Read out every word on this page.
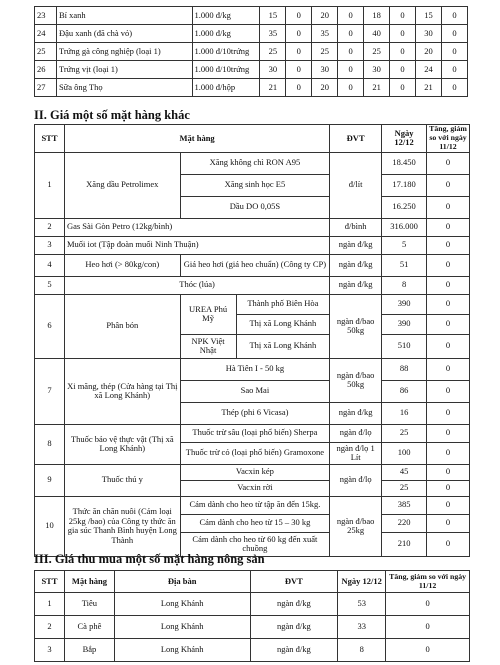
23	Bí xanh	1.000 đ/kg	15	0	20	0	18	0	15	0
24	Đậu xanh (đã chà vỏ)	1.000 đ/kg	35	0	35	0	40	0	30	0
25	Trứng gà công nghiệp (loại 1)	1.000 đ/10trứng	25	0	25	0	25	0	20	0
26	Trứng vịt (loại 1)	1.000 đ/10trứng	30	0	30	0	30	0	24	0
27	Sữa ông Thọ	1.000 đ/hộp	21	0	20	0	21	0	21	0
II. Giá một số mặt hàng khác
STT	Mặt hàng			ĐVT	Ngày 12/12	Tăng, giảm so với ngày 11/12
1	Xăng dầu Petrolimex	Xăng không chì RON A95		đ/lít	18.450	0
		Xăng sinh học E5			17.180	0
		Dầu DO 0,05S			16.250	0
2	Gas Sài Gòn Petro (12kg/bình)			đ/bình	316.000	0
3	Muối iot (Tập đoàn muối Ninh Thuận)			ngàn đ/kg	5	0
4	Heo hơi (> 80kg/con)	Giá heo hơi (giá heo chuẩn) (Công ty CP)		ngàn đ/kg	51	0
5	Thóc (lúa)			ngàn đ/kg	8	0
6	Phân bón	UREA Phú Mỹ	Thành phố Biên Hòa	ngàn đ/bao 50kg	390	0
			Thị xã Long Khánh		390	0
		NPK Việt Nhật	Thị xã Long Khánh		510	0
7	Xi măng, thép (Cửa hàng tại Thị xã Long Khánh)	Hà Tiên I - 50 kg		ngàn đ/bao 50kg	88	0
		Sao Mai			86	0
		Thép (phi 6 Vicasa)		ngàn đ/kg	16	0
8	Thuốc bảo vệ thực vật (Thị xã Long Khánh)	Thuốc trừ sâu (loại phổ biến) Sherpa		ngàn đ/lọ	25	0
		Thuốc trừ cỏ (loại phổ biến) Gramoxone		ngàn đ/lọ 1 Lít	100	0
9	Thuốc thú y	Vacxin kép		ngàn đ/lọ	45	0
		Vacxin rời			25	0
10	Thức ăn chăn nuôi (Cám loại 25kg /bao) của Công ty thức ăn gia súc Thanh Bình huyện Long Thành	Cám dành cho heo từ tập ăn đến 15kg.		ngàn đ/bao 25kg	385	0
		Cám dành cho heo từ 15 – 30 kg			220	0
		Cám dành cho heo từ 60 kg đến xuất chuồng			210	0
III. Giá thu mua một số mặt hàng nông sản
STT	Mặt hàng	Địa bàn	ĐVT	Ngày 12/12	Tăng, giảm so với ngày 11/12
1	Tiêu	Long Khánh	ngàn đ/kg	53	0
2	Cà phê	Long Khánh	ngàn đ/kg	33	0
3	Bắp	Long Khánh	ngàn đ/kg	8	0
